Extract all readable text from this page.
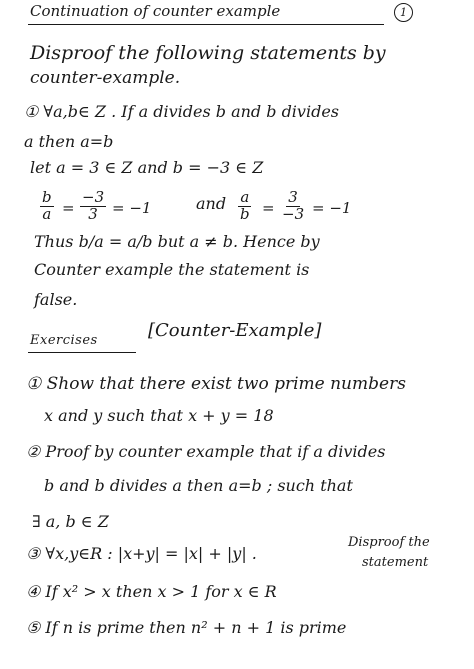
Continuation of counter example	1
Disproof the following statements by
counter-example.
① ∀a,b∈ Z . If a divides b and b divides
a then a=b
let a = 3 ∈ Z and b = −3 ∈ Z
$\frac{b}{a} = \frac{-3}{3} = -1$	and $\frac{a}{b} = \frac{3}{-3} = -1$
Thus b/a = a/b but a ≠ b. Hence by
Counter example the statement is
false.
Exercises	[Counter-Example]
① Show that there exist two prime numbers
x and y such that x + y = 18
② Proof by counter example that if a divides
b and b divides a then a=b ; such that
∃ a, b ∈ Z
③ ∀x,y∈R : |x+y| = |x| + |y| .
Disproof the
statement
④ If x² > x then x > 1 for x ∈ R
⑤ If n is prime then n² + n + 1 is prime
